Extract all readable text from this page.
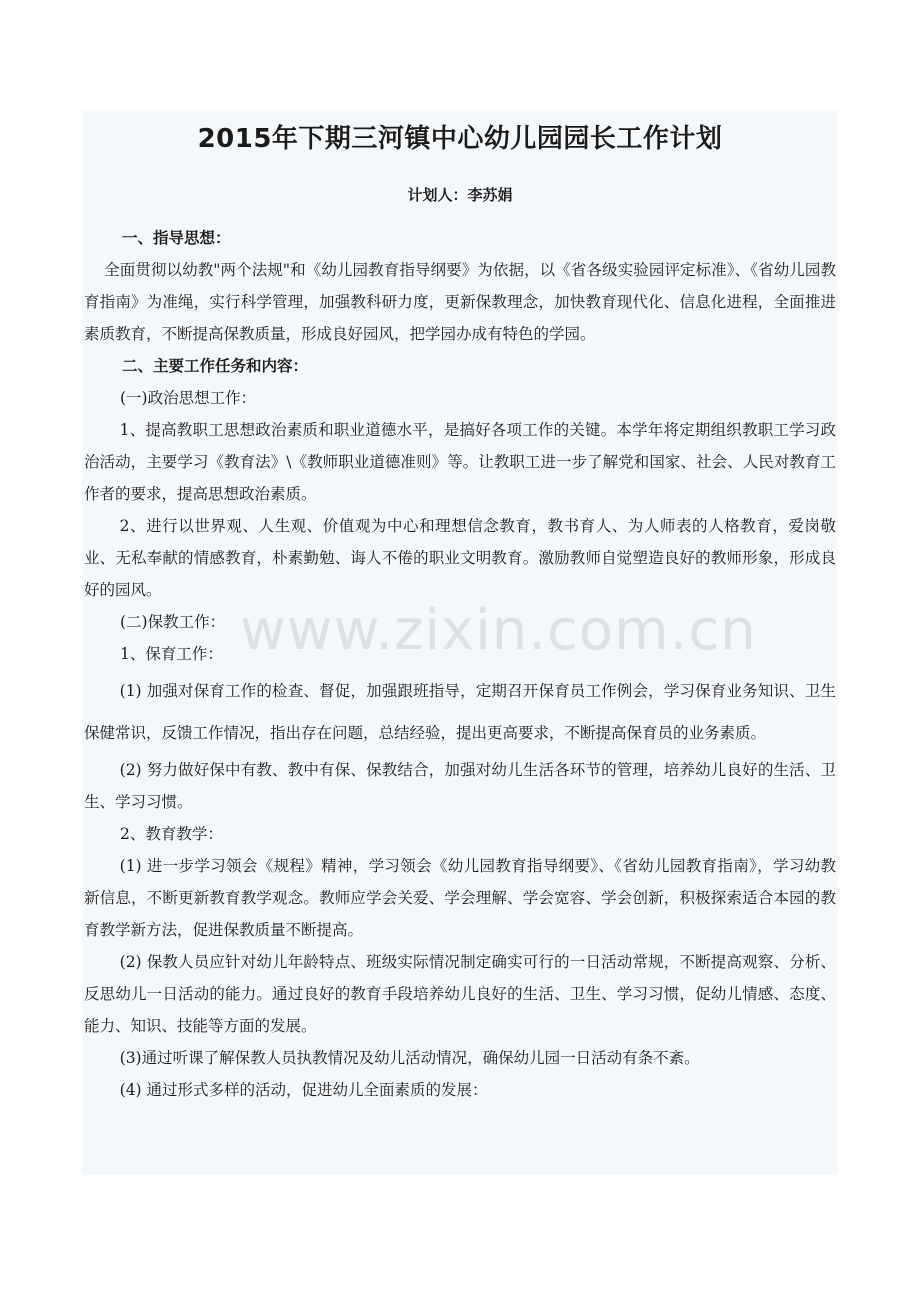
2015年下期三河镇中心幼儿园园长工作计划
计划人：李苏娟

一、指导思想：

全面贯彻以幼教"两个法规"和《幼儿园教育指导纲要》为依据，以《省各级实验园评定标准》、《省幼儿园教育指南》为准绳，实行科学管理，加强教科研力度，更新保教理念，加快教育现代化、信息化进程，全面推进素质教育，不断提高保教质量，形成良好园风，把学园办成有特色的学园。

二、主要工作任务和内容：

(一)政治思想工作：

1、提高教职工思想政治素质和职业道德水平，是搞好各项工作的关键。本学年将定期组织教职工学习政治活动，主要学习《教育法》\《教师职业道德准则》等。让教职工进一步了解党和国家、社会、人民对教育工作者的要求，提高思想政治素质。

2、进行以世界观、人生观、价值观为中心和理想信念教育，教书育人、为人师表的人格教育，爱岗敬业、无私奉献的情感教育，朴素勤勉、诲人不倦的职业文明教育。激励教师自觉塑造良好的教师形象，形成良好的园风。

(二)保教工作：

1、保育工作：

(1) 加强对保育工作的检查、督促，加强跟班指导，定期召开保育员工作例会，学习保育业务知识、卫生保健常识，反馈工作情况，指出存在问题，总结经验，提出更高要求，不断提高保育员的业务素质。

(2) 努力做好保中有教、教中有保、保教结合，加强对幼儿生活各环节的管理，培养幼儿良好的生活、卫生、学习习惯。

2、教育教学：

(1) 进一步学习领会《规程》精神，学习领会《幼儿园教育指导纲要》、《省幼儿园教育指南》，学习幼教新信息，不断更新教育教学观念。教师应学会关爱、学会理解、学会宽容、学会创新，积极探索适合本园的教育教学新方法，促进保教质量不断提高。

(2) 保教人员应针对幼儿年龄特点、班级实际情况制定确实可行的一日活动常规，不断提高观察、分析、反思幼儿一日活动的能力。通过良好的教育手段培养幼儿良好的生活、卫生、学习习惯，促幼儿情感、态度、能力、知识、技能等方面的发展。

(3)通过听课了解保教人员执教情况及幼儿活动情况，确保幼儿园一日活动有条不紊。

(4) 通过形式多样的活动，促进幼儿全面素质的发展：

www.zixin.com.cn
